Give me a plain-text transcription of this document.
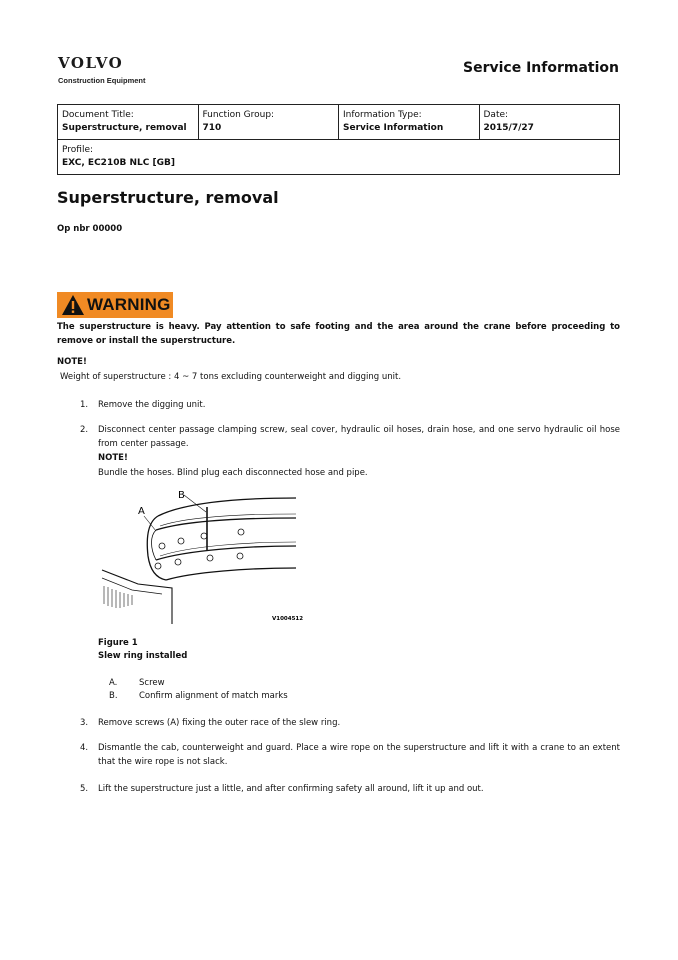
VOLVO
Construction Equipment
Service Information
Document Title:
Superstructure, removal

Function Group:
710

Information Type:
Service Information

Date:
2015/7/27

Profile:
EXC, EC210B NLC [GB]
Superstructure, removal
Op nbr 00000
WARNING
The superstructure is heavy. Pay attention to safe footing and the area around the crane before proceeding to remove or install the superstructure.
NOTE!
Weight of superstructure : 4 ~ 7 tons excluding counterweight and digging unit.
1. Remove the digging unit.
2. Disconnect center passage clamping screw, seal cover, hydraulic oil hoses, drain hose, and one servo hydraulic oil hose from center passage.
NOTE!
Bundle the hoses. Blind plug each disconnected hose and pipe.
A
B
V1004512
Figure 1
Slew ring installed
A.	Screw
B.	Confirm alignment of match marks
3. Remove screws (A) fixing the outer race of the slew ring.
4. Dismantle the cab, counterweight and guard. Place a wire rope on the superstructure and lift it with a crane to an extent that the wire rope is not slack.
5. Lift the superstructure just a little, and after confirming safety all around, lift it up and out.
